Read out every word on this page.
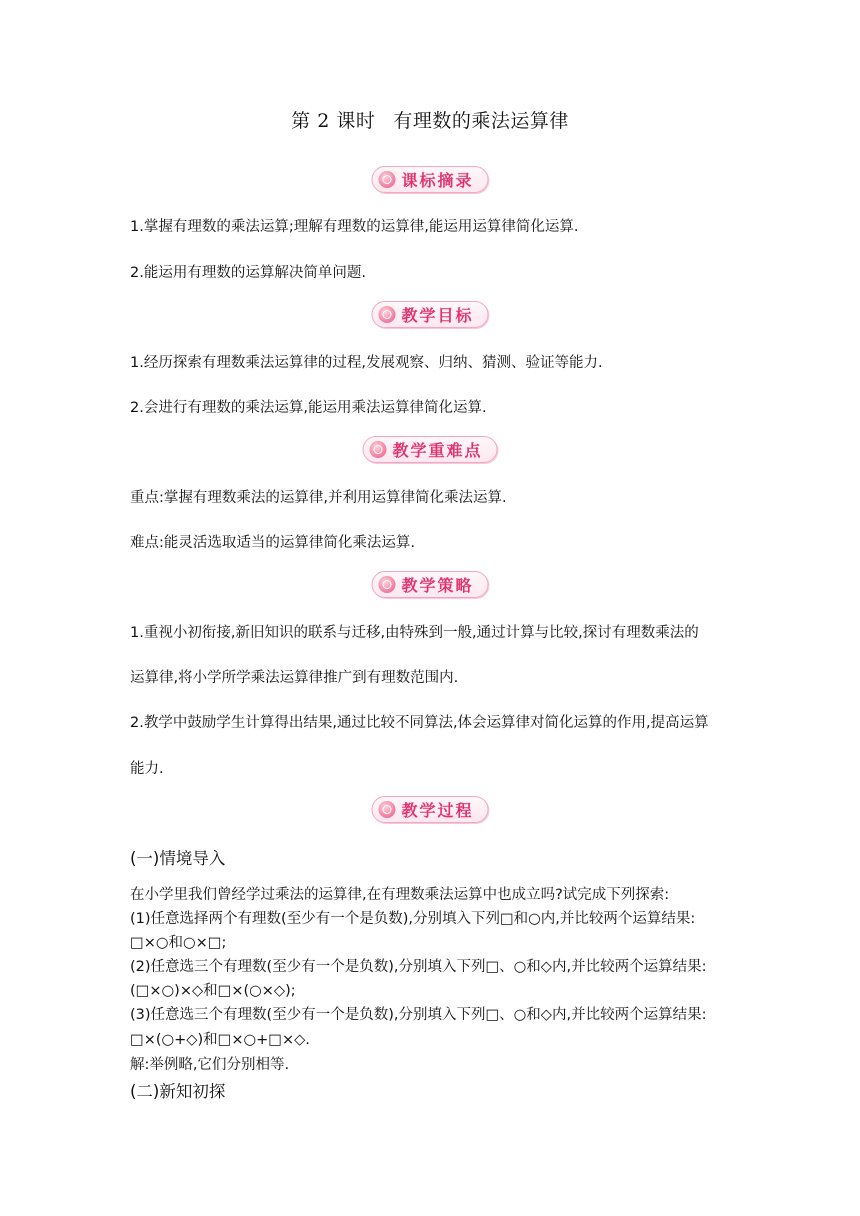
第 2 课时 有理数的乘法运算律
课标摘录
1.掌握有理数的乘法运算;理解有理数的运算律,能运用运算律简化运算.
2.能运用有理数的运算解决简单问题.
教学目标
1.经历探索有理数乘法运算律的过程,发展观察、归纳、猜测、验证等能力.
2.会进行有理数的乘法运算,能运用乘法运算律简化运算.
教学重难点
重点:掌握有理数乘法的运算律,并利用运算律简化乘法运算.
难点:能灵活选取适当的运算律简化乘法运算.
教学策略
1.重视小初衔接,新旧知识的联系与迁移,由特殊到一般,通过计算与比较,探讨有理数乘法的
运算律,将小学所学乘法运算律推广到有理数范围内.
2.教学中鼓励学生计算得出结果,通过比较不同算法,体会运算律对简化运算的作用,提高运算
能力.
教学过程
(一)情境导入
在小学里我们曾经学过乘法的运算律,在有理数乘法运算中也成立吗?试完成下列探索:
(1)任意选择两个有理数(至少有一个是负数),分别填入下列□和○内,并比较两个运算结果:
□×○和○×□;
(2)任意选三个有理数(至少有一个是负数),分别填入下列□、○和◇内,并比较两个运算结果:
(□×○)×◇和□×(○×◇);
(3)任意选三个有理数(至少有一个是负数),分别填入下列□、○和◇内,并比较两个运算结果:
□×(○+◇)和□×○+□×◇.
解:举例略,它们分别相等.
(二)新知初探
